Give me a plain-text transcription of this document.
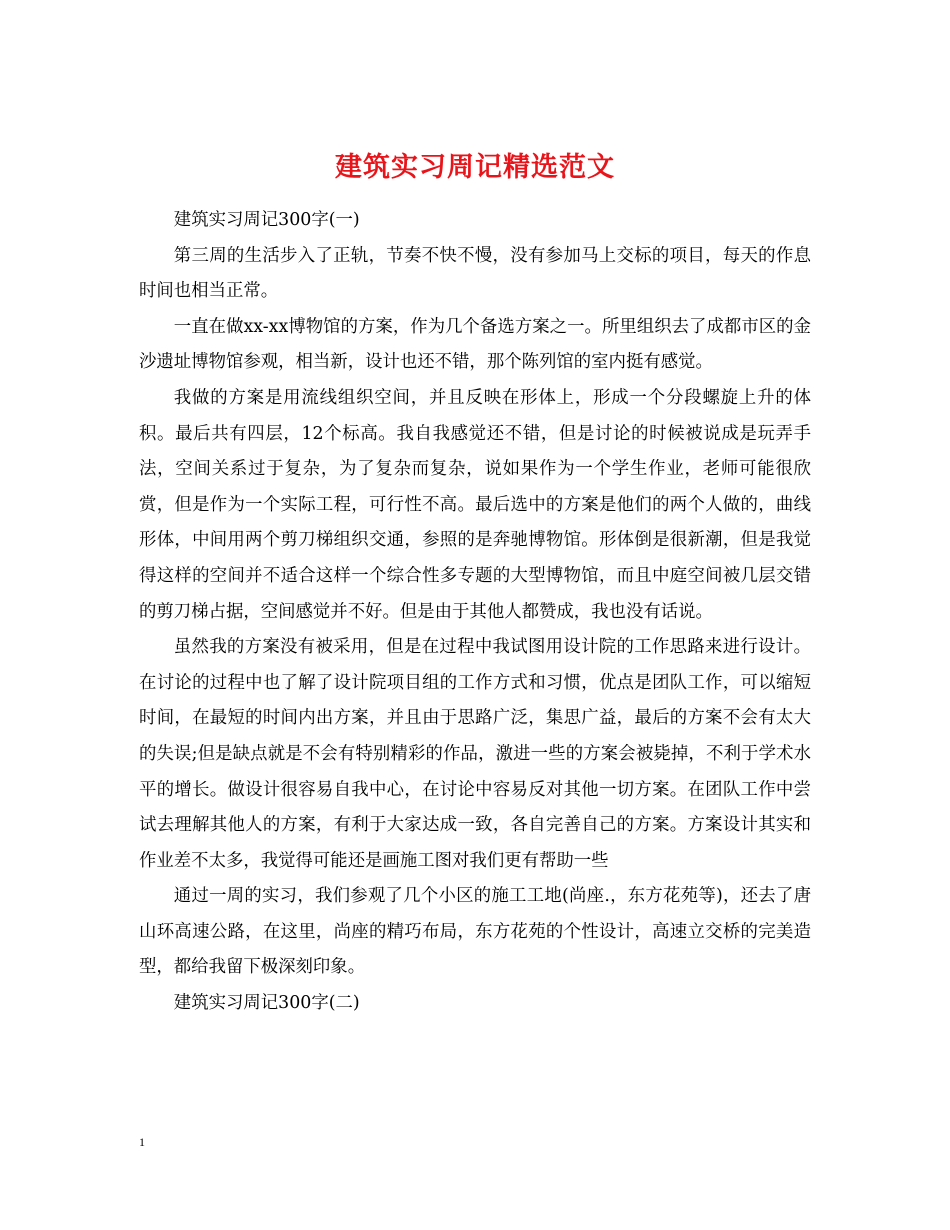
建筑实习周记精选范文

建筑实习周记300字(一)

第三周的生活步入了正轨，节奏不快不慢，没有参加马上交标的项目，每天的作息时间也相当正常。

一直在做xx-xx博物馆的方案，作为几个备选方案之一。所里组织去了成都市区的金沙遗址博物馆参观，相当新，设计也还不错，那个陈列馆的室内挺有感觉。

我做的方案是用流线组织空间，并且反映在形体上，形成一个分段螺旋上升的体积。最后共有四层，12个标高。我自我感觉还不错，但是讨论的时候被说成是玩弄手法，空间关系过于复杂，为了复杂而复杂，说如果作为一个学生作业，老师可能很欣赏，但是作为一个实际工程，可行性不高。最后选中的方案是他们的两个人做的，曲线形体，中间用两个剪刀梯组织交通，参照的是奔驰博物馆。形体倒是很新潮，但是我觉得这样的空间并不适合这样一个综合性多专题的大型博物馆，而且中庭空间被几层交错的剪刀梯占据，空间感觉并不好。但是由于其他人都赞成，我也没有话说。

虽然我的方案没有被采用，但是在过程中我试图用设计院的工作思路来进行设计。在讨论的过程中也了解了设计院项目组的工作方式和习惯，优点是团队工作，可以缩短时间，在最短的时间内出方案，并且由于思路广泛，集思广益，最后的方案不会有太大的失误;但是缺点就是不会有特别精彩的作品，激进一些的方案会被毙掉，不利于学术水平的增长。做设计很容易自我中心，在讨论中容易反对其他一切方案。在团队工作中尝试去理解其他人的方案，有利于大家达成一致，各自完善自己的方案。方案设计其实和作业差不太多，我觉得可能还是画施工图对我们更有帮助一些

通过一周的实习，我们参观了几个小区的施工工地(尚座.，东方花苑等)，还去了唐山环高速公路，在这里，尚座的精巧布局，东方花苑的个性设计，高速立交桥的完美造型，都给我留下极深刻印象。

建筑实习周记300字(二)

1
